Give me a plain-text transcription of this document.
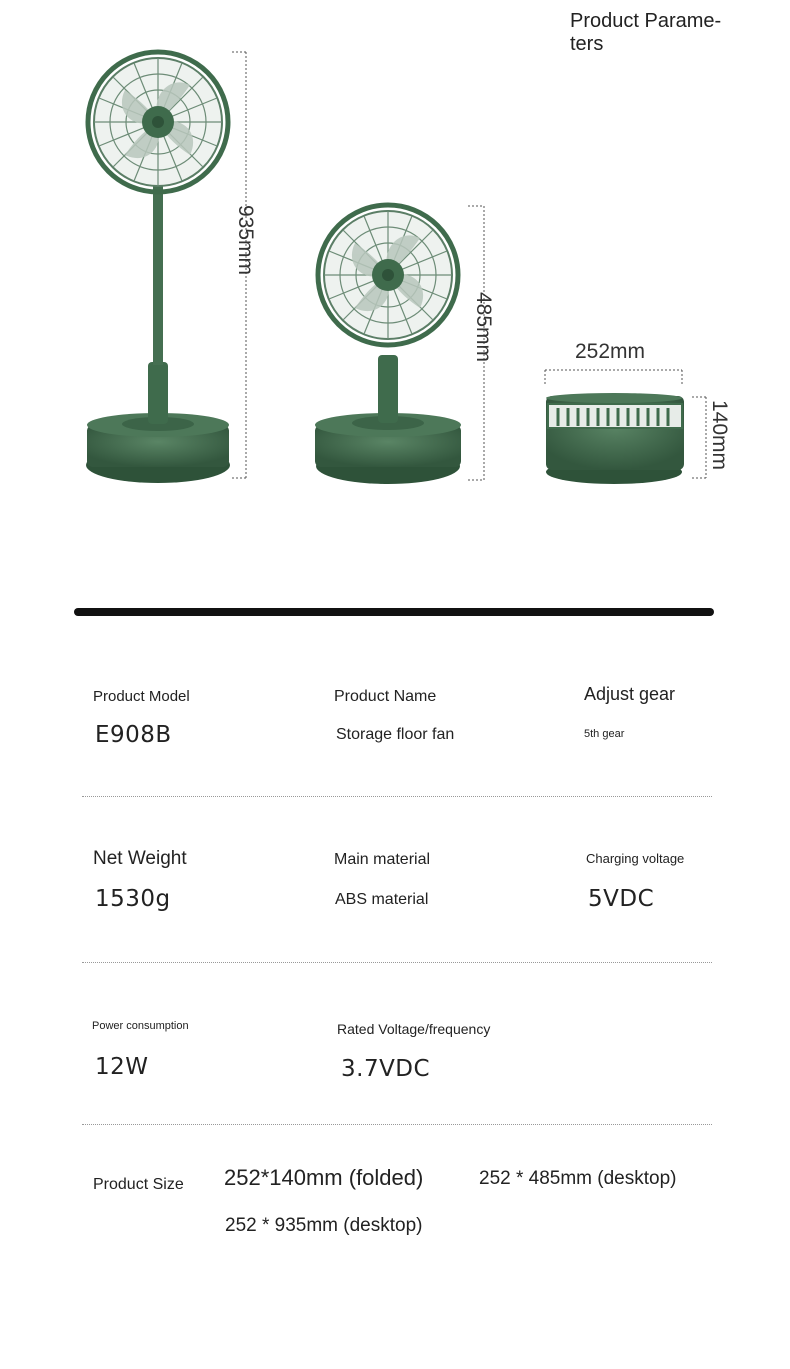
Product Parame-
ters
935mm
485mm	252mm
140mm
Product Model
E908B
Product Name
Storage floor fan
Adjust gear
5th gear
Net Weight
1530g
Main material
ABS material
Charging voltage
5VDC
Power consumption
12W
Rated Voltage/frequency
3.7VDC
Product Size 252*140mm (folded)	252 * 485mm (desktop)
252 * 935mm (desktop)
